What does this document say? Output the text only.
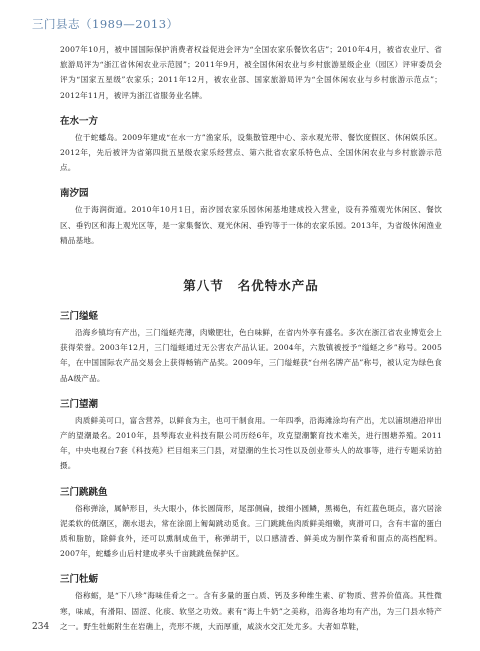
三门县志（1989—2013）

2007年10月，被中国国际保护消费者权益促进会评为“全国农家乐餐饮名店”；2010年4月，被省农业厅、省旅游局评为“浙江省休闲农业示范园”；2011年9月，被全国休闲农业与乡村旅游星级企业（园区）评审委员会评为“国家五星级”农家乐；2011年12月，被农业部、国家旅游局评为“全国休闲农业与乡村旅游示范点”；2012年11月，被评为浙江省服务业名牌。

在水一方

位于蛇蟠岛。2009年建成“在水一方”渔家乐，设集散管理中心、亲水观光带、餐饮度假区、休闲娱乐区。2012年，先后被评为省第四批五星级农家乐经营点、第六批省农家乐特色点、全国休闲农业与乡村旅游示范点。

南汐园

位于海润街道。2010年10月1日，南汐园农家乐园休闲基地建成投入营业，设有养殖观光休闲区、餐饮区、垂钓区和海上观光区等，是一家集餐饮、观光休闲、垂钓等于一体的农家乐园。2013年，为省级休闲渔业精品基地。

第八节 名优特水产品
三门缢蛏

沿海乡镇均有产出，三门缢蛏壳薄，肉嫩肥壮，色白味鲜，在省内外享有盛名。多次在浙江省农业博览会上获得荣誉。2003年12月，三门缢蛏通过无公害农产品认证。2004年，六敖镇被授予“缢蛏之乡”称号。2005年，在中国国际农产品交易会上获得畅销产品奖。2009年，三门缢蛏获“台州名牌产品”称号，被认定为绿色食品A级产品。

三门望潮

肉质鲜美可口，富含营养，以鲜食为主，也可干制食用。一年四季，沿海滩涂均有产出，尤以浦坝港沿岸出产的望潮最名。2010年，县琴海农业科技有限公司历经6年，攻克望潮繁育技术难关，进行围塘养殖。2011年，中央电视台7套《科技苑》栏目组来三门县，对望潮的生长习性以及创业带头人的故事等，进行专题采访拍摄。

三门跳跳鱼

俗称弹涂，属鲈形目，头大眼小，体长圆筒形，尾部侧扁，披细小圆鳞，黑褐色，有红蓝色斑点，喜穴居涂泥柔软的低潮区，潮水退去，常在涂面上匍匐跳动觅食。三门跳跳鱼肉质鲜美细嫩，爽滑可口，含有丰富的蛋白质和脂肪，除鲜食外，还可以熏制成鱼干，称弹胡干，以口感清香、鲜美成为制作菜肴和面点的高档配料。2007年，蛇蟠乡山后村建成孝头千亩跳跳鱼保护区。

三门牡蛎

俗称蛎，是“下八珍”海味佳肴之一。含有多量的蛋白质、钙及多种维生素、矿物质、营养价值高。其性微寒，味咸，有滑阳、固涩、化痰、软坚之功效。素有“海上牛奶”之美称，沿海各地均有产出，为三门县水特产之一。野生牡蛎附生在岩礁上，壳形不规，大而厚重，咸淡水交汇处尤多。大者如草鞋，

234
